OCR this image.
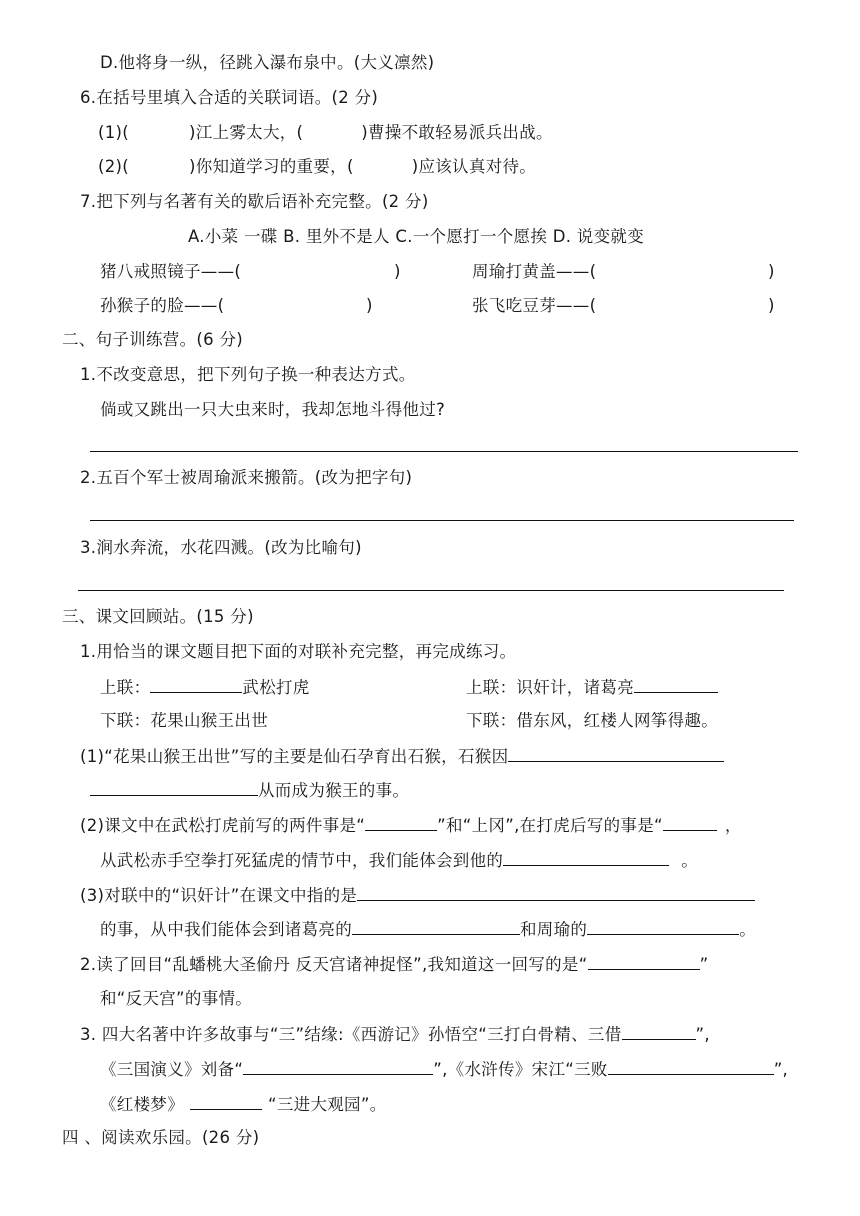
D.他将身一纵，径跳入瀑布泉中。(大义凛然)
6.在括号里填入合适的关联词语。(2 分)
(1)(	)江上雾太大，(	)曹操不敢轻易派兵出战。
(2)(	)你知道学习的重要，(	)应该认真对待。
7.把下列与名著有关的歇后语补充完整。(2 分)
A.小菜 一碟 B. 里外不是人 C.一个愿打一个愿挨 D. 说变就变
猪八戒照镜子——(	)	周瑜打黄盖——(	)
孙猴子的脸——(	)	张飞吃豆芽——(	)
二、句子训练营。(6 分)
1.不改变意思，把下列句子换一种表达方式。
倘或又跳出一只大虫来时，我却怎地斗得他过?
2.五百个军士被周瑜派来搬箭。(改为把字句)
3.涧水奔流，水花四溅。(改为比喻句)
三、课文回顾站。(15 分)
1.用恰当的课文题目把下面的对联补充完整，再完成练习。
上联：	武松打虎	上联：识奸计，诸葛亮
下联：花果山猴王出世	下联：借东风，红楼人网筝得趣。
(1)“花果山猴王出世”写的主要是仙石孕育出石猴，石猴因
从而成为猴王的事。
(2)课文中在武松打虎前写的两件事是“	”和“上冈”,在打虎后写的事是“	，
从武松赤手空拳打死猛虎的情节中，我们能体会到他的	。
(3)对联中的“识奸计”在课文中指的是
的事，从中我们能体会到诸葛亮的	和周瑜的	。
2.读了回目“乱蟠桃大圣偷丹 反天宫诸神捉怪”,我知道这一回写的是“	”
和“反天宫”的事情。
3. 四大名著中许多故事与“三”结缘:《西游记》孙悟空“三打白骨精、三借	”,
《三国演义》刘备“	”,《水浒传》宋江“三败	”,
《红楼梦》	“三进大观园”。
四 、阅读欢乐园。(26 分)
